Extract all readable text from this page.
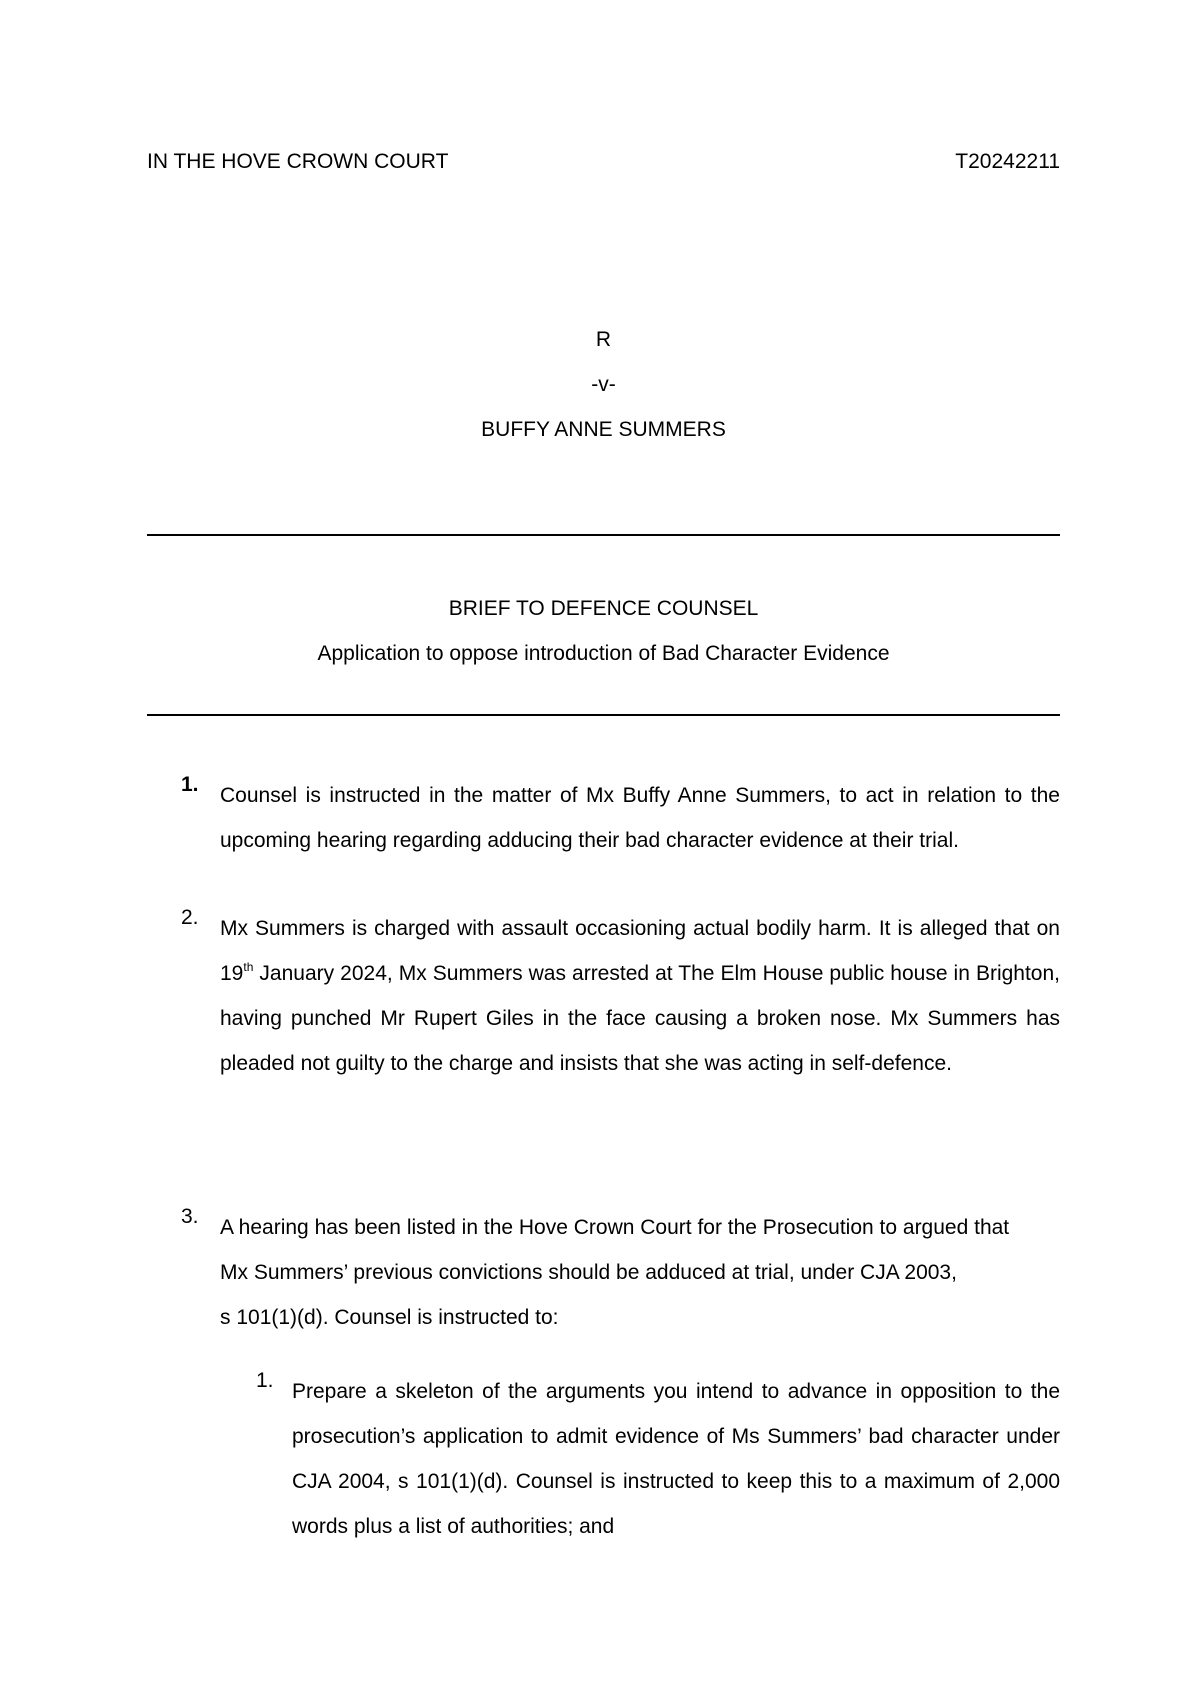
IN THE HOVE CROWN COURT	T20242211
R
-v-
BUFFY ANNE SUMMERS
BRIEF TO DEFENCE COUNSEL
Application to oppose introduction of Bad Character Evidence
1.	Counsel is instructed in the matter of Mx Buffy Anne Summers, to act in relation to the upcoming hearing regarding adducing their bad character evidence at their trial.
2.	Mx Summers is charged with assault occasioning actual bodily harm. It is alleged that on 19th January 2024, Mx Summers was arrested at The Elm House public house in Brighton, having punched Mr Rupert Giles in the face causing a broken nose. Mx Summers has pleaded not guilty to the charge and insists that she was acting in self-defence.
3.	A hearing has been listed in the Hove Crown Court for the Prosecution to argued that
Mx Summers’ previous convictions should be adduced at trial, under CJA 2003,
s 101(1)(d). Counsel is instructed to:
1. Prepare a skeleton of the arguments you intend to advance in opposition to the prosecution’s application to admit evidence of Ms Summers’ bad character under CJA 2004, s 101(1)(d). Counsel is instructed to keep this to a maximum of 2,000 words plus a list of authorities; and
